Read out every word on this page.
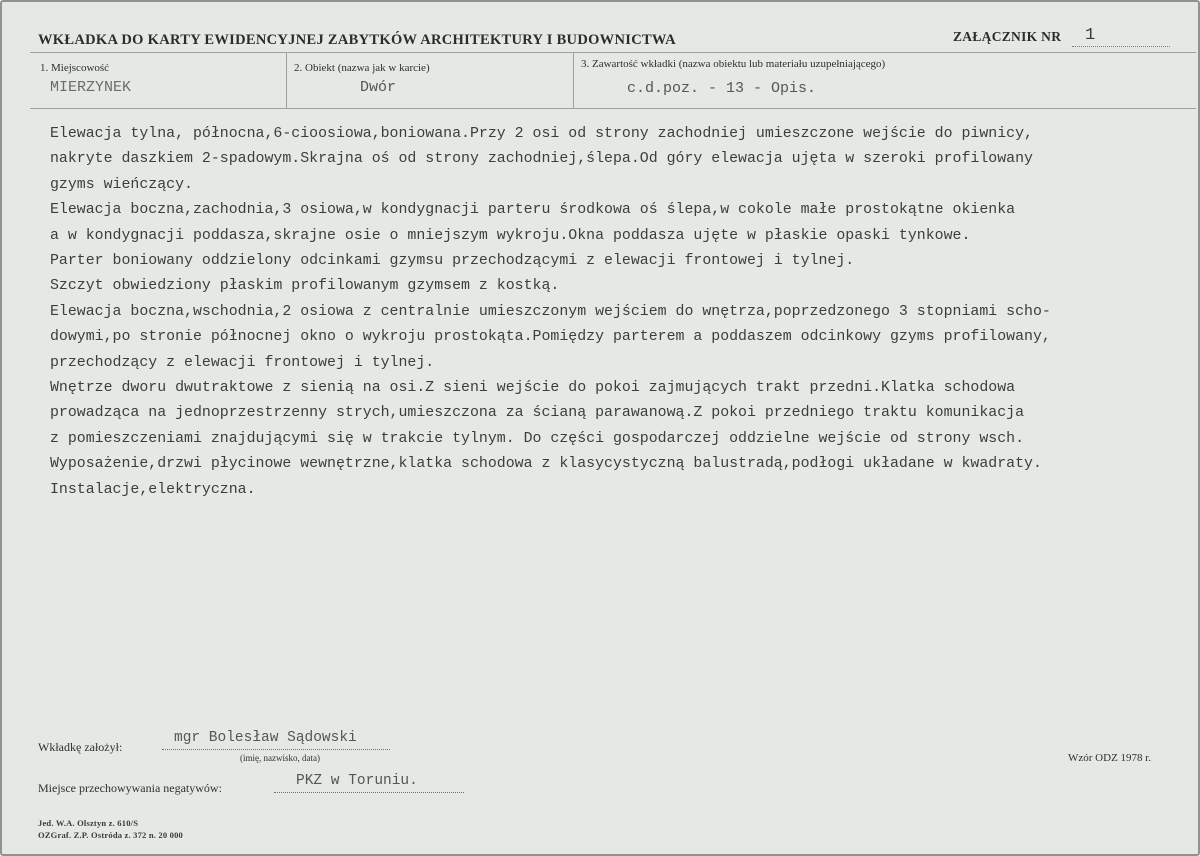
WKŁADKA DO KARTY EWIDENCYJNEJ ZABYTKÓW ARCHITEKTURY I BUDOWNICTWA	ZAŁĄCZNIK NR 1
1. Miejscowość
MIERZYNEK
2. Obiekt (nazwa jak w karcie)
Dwór
3. Zawartość wkładki (nazwa obiektu lub materiału uzupełniającego)
c.d.poz. - 13 - Opis.
Elewacja tylna, północna,6-cioosiowa,boniowana.Przy 2 osi od strony zachodniej umieszczone wejście do piwnicy,
nakryte daszkiem 2-spadowym.Skrajna oś od strony zachodniej,ślepa.Od góry elewacja ujęta w szeroki profilowany
gzyms wieńczący.
Elewacja boczna,zachodnia,3 osiowa,w kondygnacji parteru środkowa oś ślepa,w cokole małe prostokątne okienka
a w kondygnacji poddasza,skrajne osie o mniejszym wykroju.Okna poddasza ujęte w płaskie opaski tynkowe.
Parter boniowany oddzielony odcinkami gzymsu przechodzącymi z elewacji frontowej i tylnej.
Szczyt obwiedziony płaskim profilowanym gzymsem z kostką.
Elewacja boczna,wschodnia,2 osiowa z centralnie umieszczonym wejściem do wnętrza,poprzedzonego 3 stopniami scho-
dowymi,po stronie północnej okno o wykroju prostokąta.Pomiędzy parterem a poddaszem odcinkowy gzyms profilowany,
przechodzący z elewacji frontowej i tylnej.
Wnętrze dworu dwutraktowe z sienią na osi.Z sieni wejście do pokoi zajmujących trakt przedni.Klatka schodowa
prowadząca na jednoprzestrzenny strych,umieszczona za ścianą parawanową.Z pokoi przedniego traktu komunikacja
z pomieszczeniami znajdującymi się w trakcie tylnym. Do części gospodarczej oddzielne wejście od strony wsch.
Wyposażenie,drzwi płycinowe wewnętrzne,klatka schodowa z klasycystyczną balustradą,podłogi układane w kwadraty.
Instalacje,elektryczna.
Wkładkę założył:
mgr Bolesław Sądowski
(imię, nazwisko, data)
Miejsce przechowywania negatywów:	PKZ w Toruniu.
Wzór ODZ 1978 r.
Jed. W.A. Olsztyn z. 610/S
OZGraf. Z.P. Ostróda z. 372 n. 20 000
